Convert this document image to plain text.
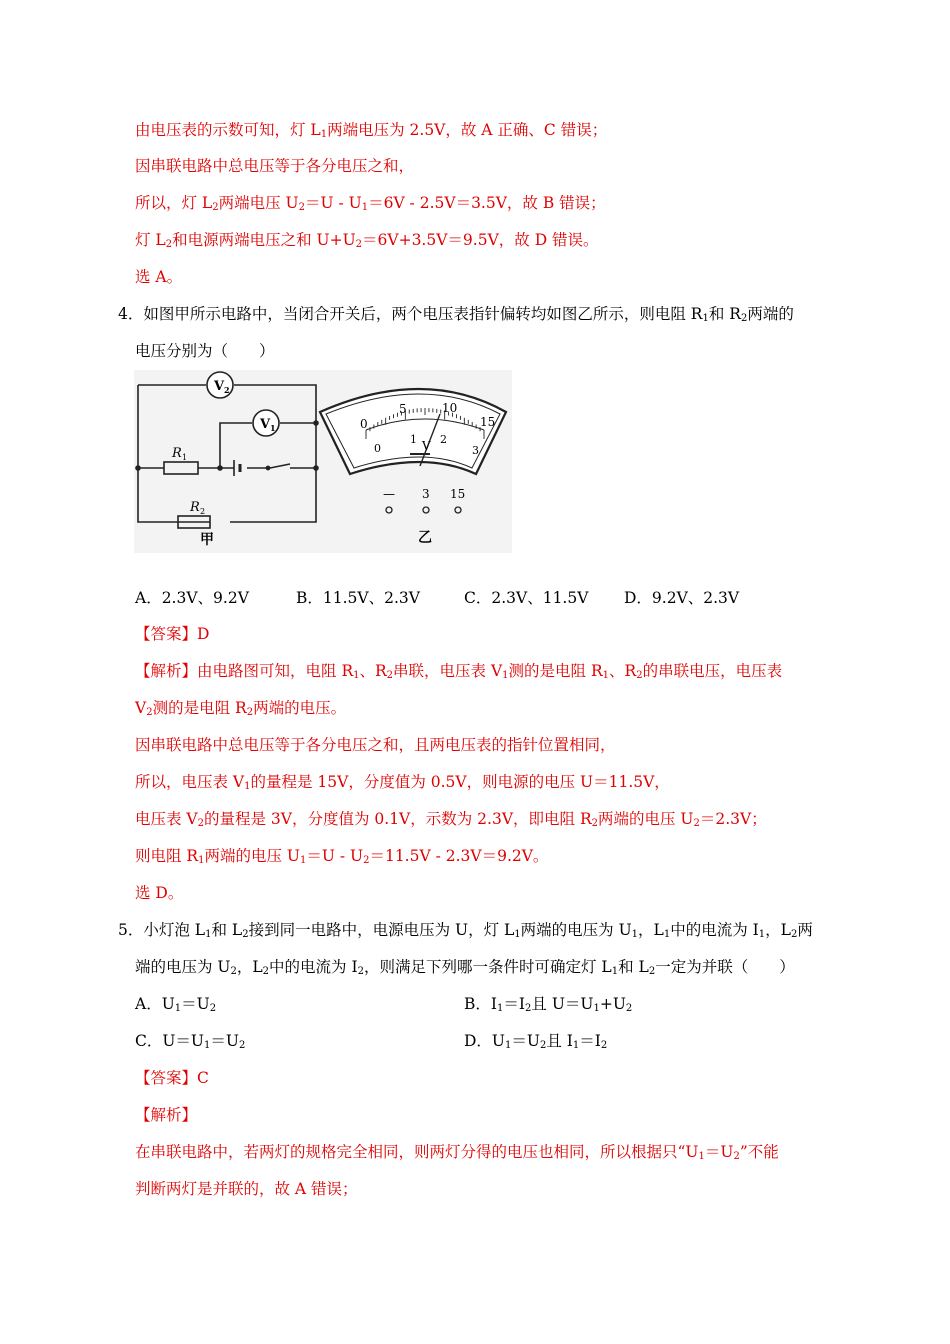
由电压表的示数可知，灯 $L_1$两端电压为 2.5V，故 A 正确、C 错误；
因串联电路中总电压等于各分电压之和，
所以，灯 $L_2$两端电压 $U_2=U - U_1=6V - 2.5V=3.5V$，故 B 错误；
灯 $L_2$和电源两端电压之和 $U+U_2=6V+3.5V=9.5V$，故 D 错误。
选 A。
4．如图甲所示电路中，当闭合开关后，两个电压表指针偏转均如图乙所示，则电阻 $R_1$和 $R_2$两端的
电压分别为（　　）
V 2
V 1
R 1
R 2
甲
0
5	10
15
0
1 2
3
V
— 3 15
乙
A．2.3V、9.2V	B．11.5V、2.3V	C．2.3V、11.5V D．9.2V、2.3V
【答案】D
【解析】由电路图可知，电阻 $R_1$、$R_2$串联，电压表 $V_1$测的是电阻 $R_1$、$R_2$的串联电压，电压表
$V_2$测的是电阻 $R_2$两端的电压。
因串联电路中总电压等于各分电压之和，且两电压表的指针位置相同，
所以，电压表 $V_1$的量程是 15V，分度值为 0.5V，则电源的电压 U＝11.5V，
电压表 $V_2$的量程是 3V，分度值为 0.1V，示数为 2.3V，即电阻 $R_2$两端的电压 $U_2=2.3V$；
则电阻 $R_1$两端的电压 $U_1=U - U_2=11.5V - 2.3V=9.2V$。
选 D。
5．小灯泡 $L_1$和 $L_2$接到同一电路中，电源电压为 U，灯 $L_1$两端的电压为 $U_1$，$L_1$中的电流为 $I_1$，$L_2$两
端的电压为 $U_2$，$L_2$中的电流为 $I_2$，则满足下列哪一条件时可确定灯 $L_1$和 $L_2$一定为并联（　　）
A．$U_1=U_2$	B．$I_1=I_2$且 $U=U_1+U_2$
C．$U=U_1=U_2$	D．$U_1=U_2$且 $I_1=I_2$
【答案】C
【解析】
在串联电路中，若两灯的规格完全相同，则两灯分得的电压也相同，所以根据只“$U_1=U_2$”不能
判断两灯是并联的，故 A 错误；
